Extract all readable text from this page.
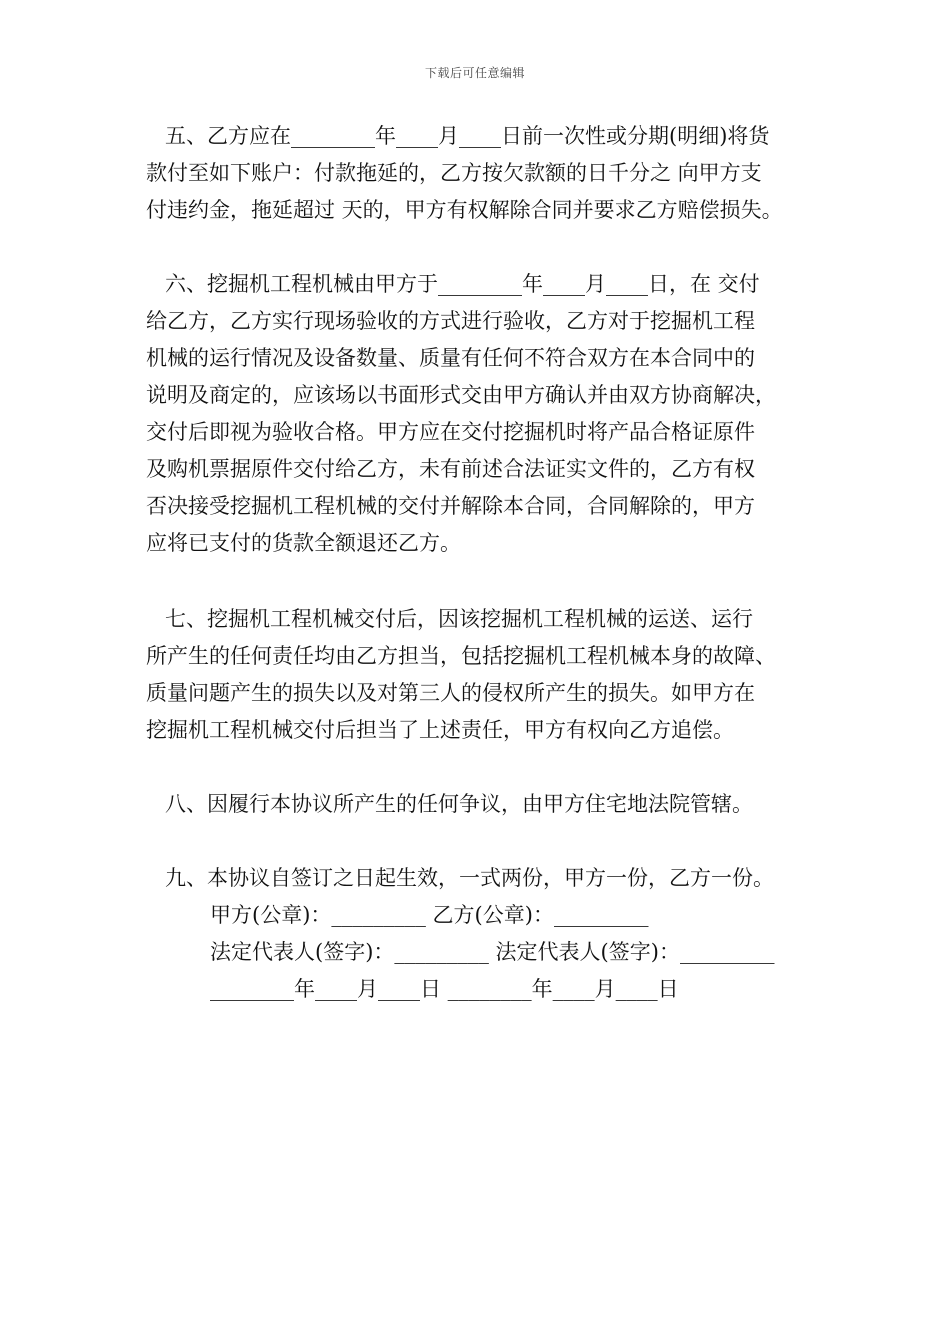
下载后可任意编辑
五、乙方应在________年____月____日前一次性或分期(明细)将货
款付至如下账户：付款拖延的，乙方按欠款额的日千分之 向甲方支
付违约金，拖延超过 天的，甲方有权解除合同并要求乙方赔偿损失。
六、挖掘机工程机械由甲方于________年____月____日，在 交付
给乙方，乙方实行现场验收的方式进行验收，乙方对于挖掘机工程
机械的运行情况及设备数量、质量有任何不符合双方在本合同中的
说明及商定的，应该场以书面形式交由甲方确认并由双方协商解决，
交付后即视为验收合格。甲方应在交付挖掘机时将产品合格证原件
及购机票据原件交付给乙方，未有前述合法证实文件的，乙方有权
否决接受挖掘机工程机械的交付并解除本合同，合同解除的，甲方
应将已支付的货款全额退还乙方。
七、挖掘机工程机械交付后，因该挖掘机工程机械的运送、运行
所产生的任何责任均由乙方担当，包括挖掘机工程机械本身的故障、
质量问题产生的损失以及对第三人的侵权所产生的损失。如甲方在
挖掘机工程机械交付后担当了上述责任，甲方有权向乙方追偿。
八、因履行本协议所产生的任何争议，由甲方住宅地法院管辖。
九、本协议自签订之日起生效，一式两份，甲方一份，乙方一份。
甲方(公章)：_________ 乙方(公章)：_________
法定代表人(签字)：_________ 法定代表人(签字)：_________
________年____月____日 ________年____月____日
